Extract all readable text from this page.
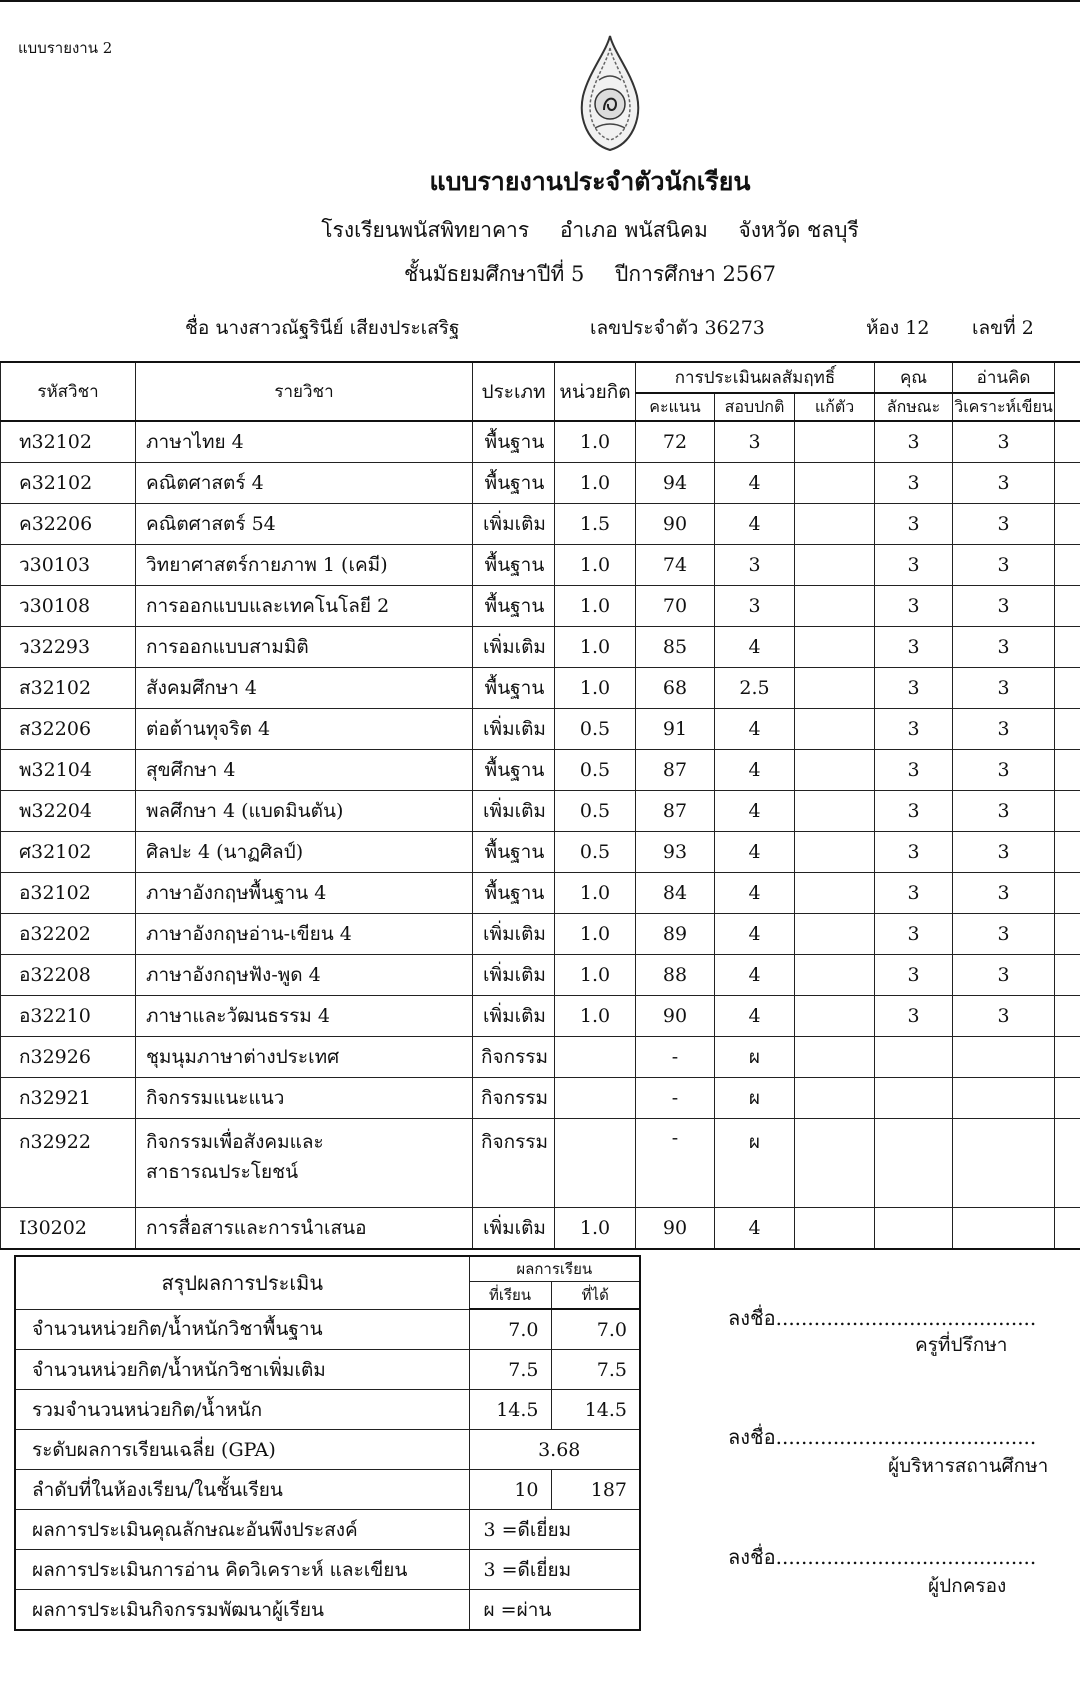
แบบรายงาน 2
แบบรายงานประจำตัวนักเรียน
โรงเรียนพนัสพิทยาคาร อำเภอ พนัสนิคม จังหวัด ชลบุรี
ชั้นมัธยมศึกษาปีที่ 5 ปีการศึกษา 2567
ชื่อ นางสาวณัฐรินีย์ เสียงประเสริฐ	เลขประจำตัว 36273	ห้อง 12 เลขที่ 2
รหัสวิชา	รายวิชา	ประเภท	หน่วยกิต	การประเมินผลสัมฤทธิ์			คุณ	อ่านคิด	
				คะแนน	สอบปกติ	แก้ตัว	ลักษณะ	วิเคราะห์เขียน	
ท32102	ภาษาไทย 4	พื้นฐาน	1.0	72	3		3	3	
ค32102	คณิตศาสตร์ 4	พื้นฐาน	1.0	94	4		3	3	
ค32206	คณิตศาสตร์ 54	เพิ่มเติม	1.5	90	4		3	3	
ว30103	วิทยาศาสตร์กายภาพ 1 (เคมี)	พื้นฐาน	1.0	74	3		3	3	
ว30108	การออกแบบและเทคโนโลยี 2	พื้นฐาน	1.0	70	3		3	3	
ว32293	การออกแบบสามมิติ	เพิ่มเติม	1.0	85	4		3	3	
ส32102	สังคมศึกษา 4	พื้นฐาน	1.0	68	2.5		3	3	
ส32206	ต่อต้านทุจริต 4	เพิ่มเติม	0.5	91	4		3	3	
พ32104	สุขศึกษา 4	พื้นฐาน	0.5	87	4		3	3	
พ32204	พลศึกษา 4 (แบดมินตัน)	เพิ่มเติม	0.5	87	4		3	3	
ศ32102	ศิลปะ 4 (นาฏศิลป์)	พื้นฐาน	0.5	93	4		3	3	
อ32102	ภาษาอังกฤษพื้นฐาน 4	พื้นฐาน	1.0	84	4		3	3	
อ32202	ภาษาอังกฤษอ่าน-เขียน 4	เพิ่มเติม	1.0	89	4		3	3	
อ32208	ภาษาอังกฤษฟัง-พูด 4	เพิ่มเติม	1.0	88	4		3	3	
อ32210	ภาษาและวัฒนธรรม 4	เพิ่มเติม	1.0	90	4		3	3	
ก32926	ชุมนุมภาษาต่างประเทศ	กิจกรรม		-	ผ				
ก32921	กิจกรรมแนะแนว	กิจกรรม		-	ผ				
ก32922	กิจกรรมเพื่อสังคมและสาธารณประโยชน์	กิจกรรม		-	ผ				
I30202	การสื่อสารและการนำเสนอ	เพิ่มเติม	1.0	90	4				
สรุปผลการประเมิน	ผลการเรียน	
	ที่เรียน	ที่ได้
จำนวนหน่วยกิต/น้ำหนักวิชาพื้นฐาน	7.0	7.0
จำนวนหน่วยกิต/น้ำหนักวิชาเพิ่มเติม	7.5	7.5
รวมจำนวนหน่วยกิต/น้ำหนัก	14.5	14.5
ระดับผลการเรียนเฉลี่ย (GPA)	3.68	
ลำดับที่ในห้องเรียน/ในชั้นเรียน	10	187
ผลการประเมินคุณลักษณะอันพึงประสงค์	3 =ดีเยี่ยม	
ผลการประเมินการอ่าน คิดวิเคราะห์ และเขียน	3 =ดีเยี่ยม	
ผลการประเมินกิจกรรมพัฒนาผู้เรียน	ผ =ผ่าน	
ลงชื่อ.........................................
ครูที่ปรึกษา
ลงชื่อ.........................................
ผู้บริหารสถานศึกษา
ลงชื่อ.........................................
ผู้ปกครอง
